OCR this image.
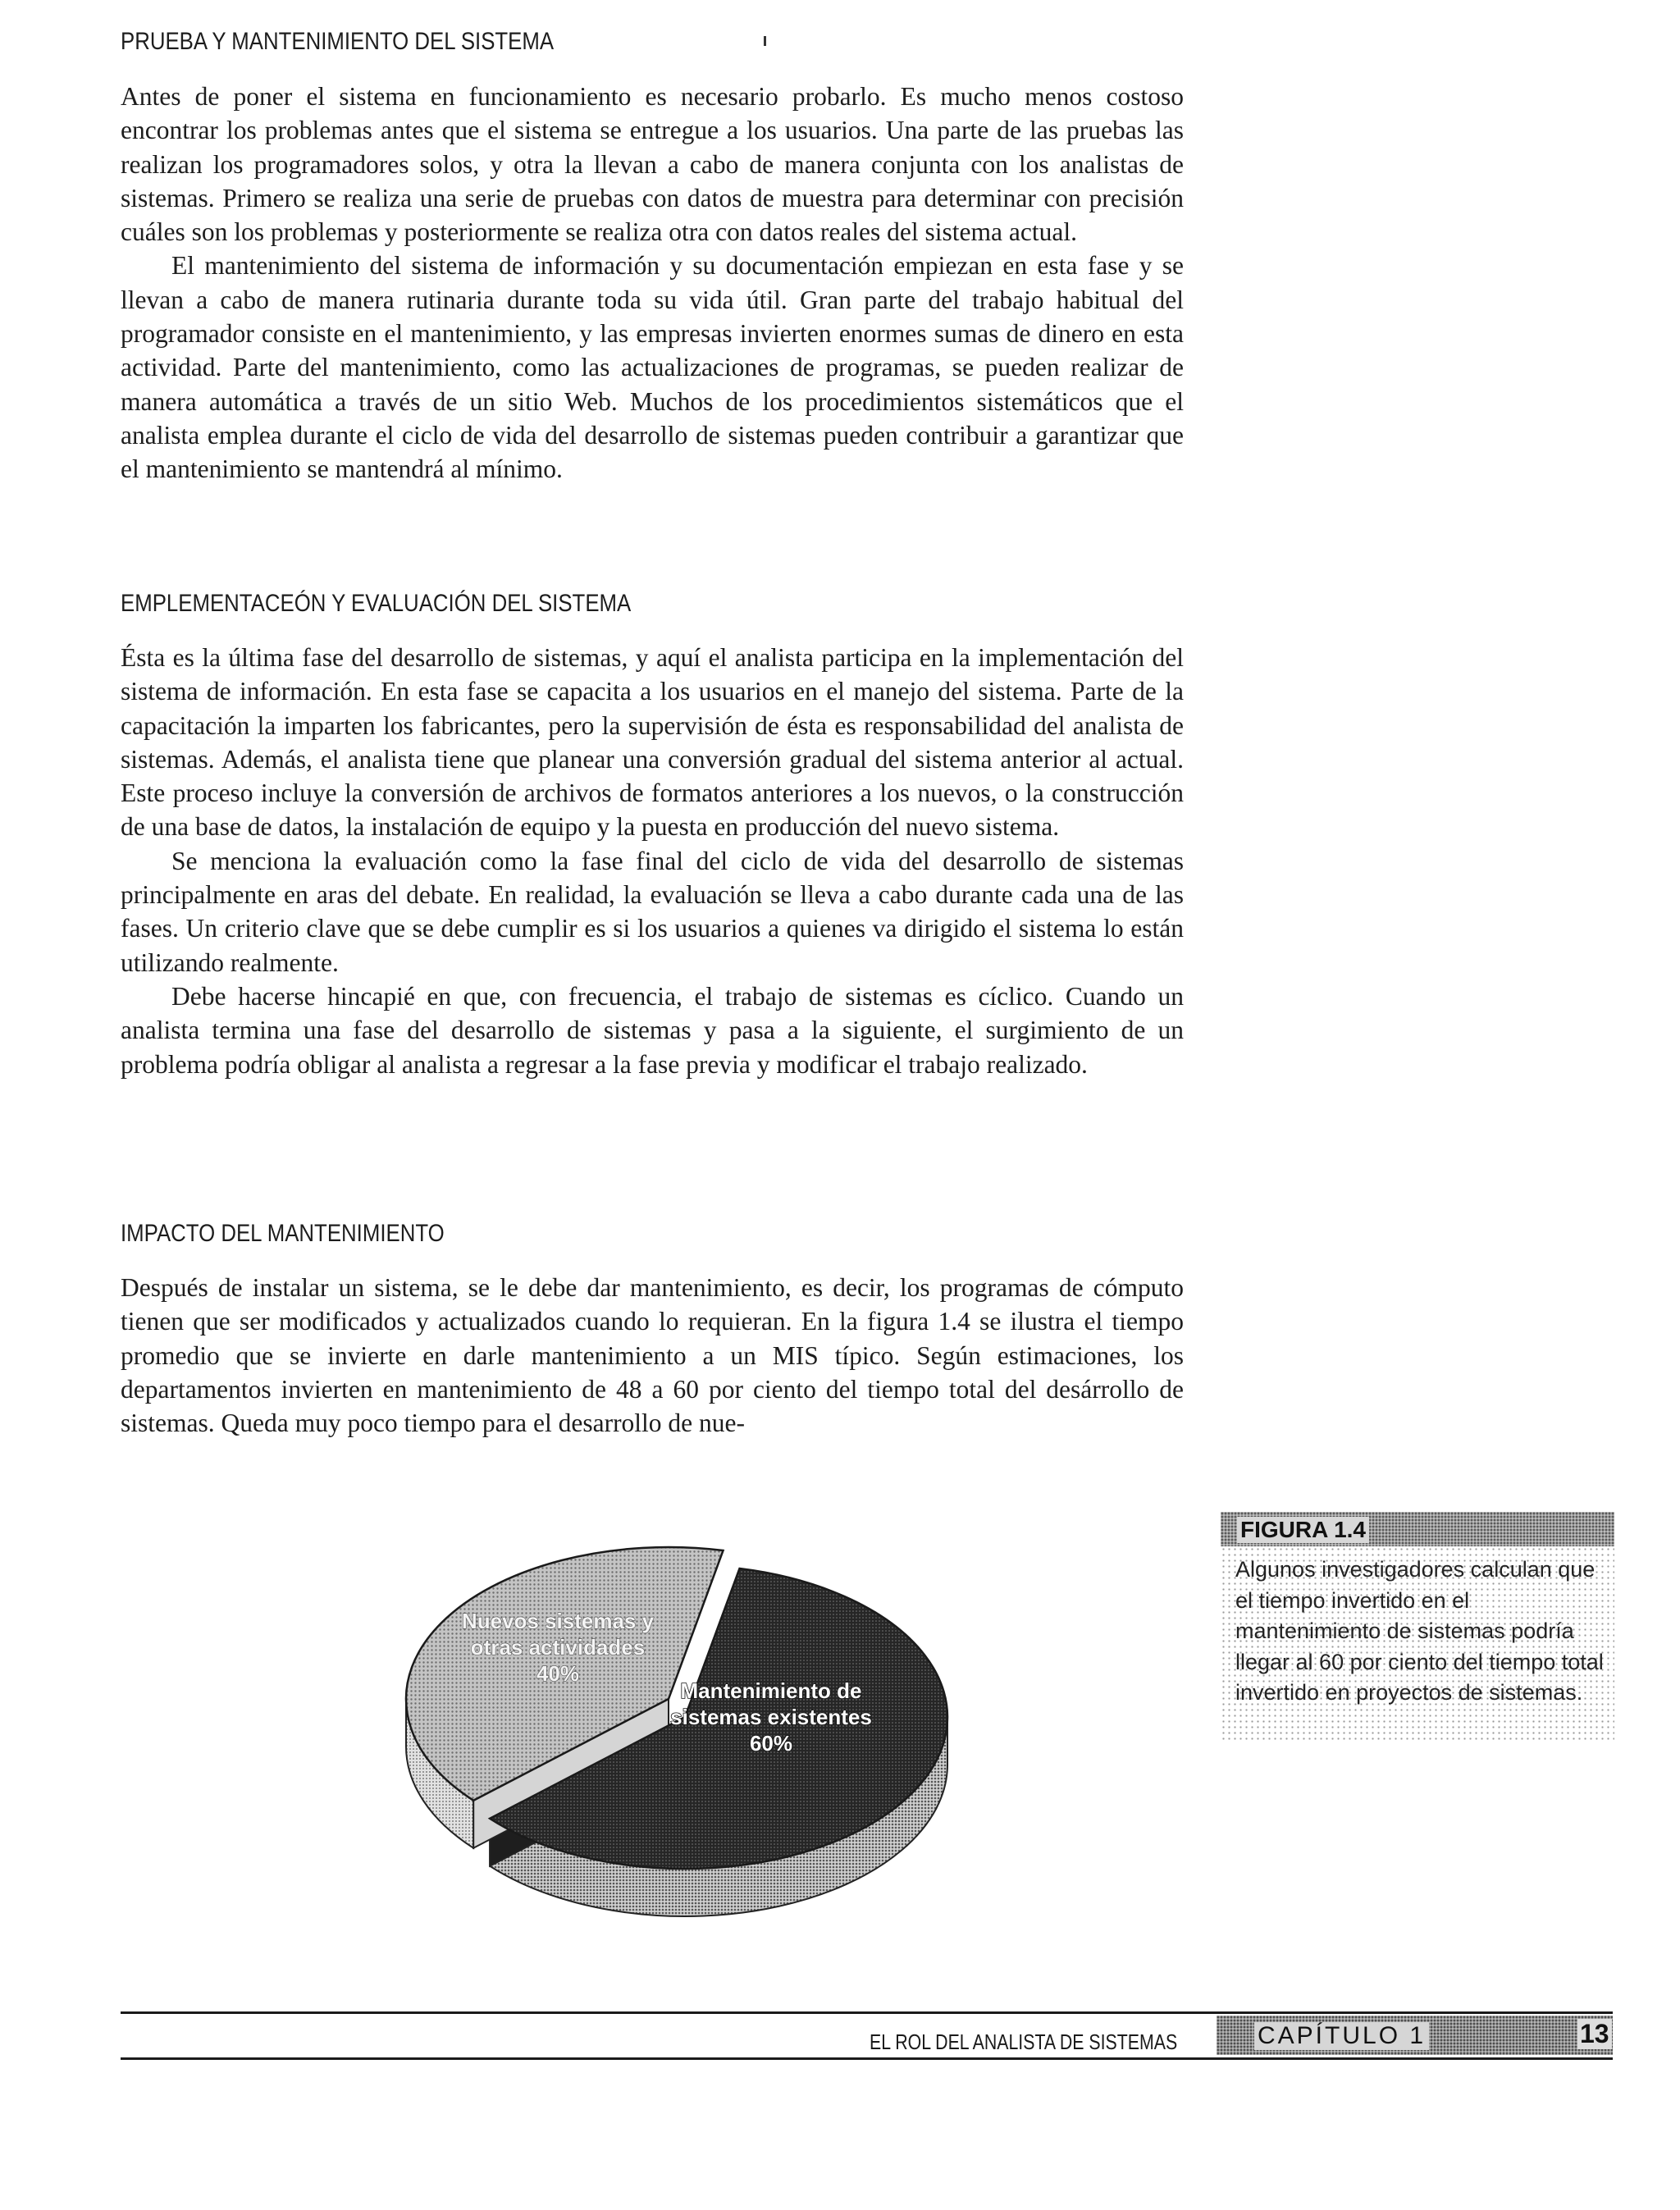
PRUEBA Y MANTENIMIENTO DEL SISTEMA

Antes de poner el sistema en funcionamiento es necesario probarlo. Es mucho menos costoso encontrar los problemas antes que el sistema se entregue a los usuarios. Una parte de las pruebas las realizan los programadores solos, y otra la llevan a cabo de manera conjunta con los analistas de sistemas. Primero se realiza una serie de pruebas con datos de muestra para determinar con precisión cuáles son los problemas y posteriormente se realiza otra con datos reales del sistema actual.

El mantenimiento del sistema de información y su documentación empiezan en esta fase y se llevan a cabo de manera rutinaria durante toda su vida útil. Gran parte del trabajo habitual del programador consiste en el mantenimiento, y las empresas invierten enormes sumas de dinero en esta actividad. Parte del mantenimiento, como las actualizaciones de programas, se pueden realizar de manera automática a través de un sitio Web. Muchos de los procedimientos sistemáticos que el analista emplea durante el ciclo de vida del desarrollo de sistemas pueden contribuir a garantizar que el mantenimiento se mantendrá al mínimo.

EMPLEMENTACEÓN Y EVALUACIÓN DEL SISTEMA

Ésta es la última fase del desarrollo de sistemas, y aquí el analista participa en la implementación del sistema de información. En esta fase se capacita a los usuarios en el manejo del sistema. Parte de la capacitación la imparten los fabricantes, pero la supervisión de ésta es responsabilidad del analista de sistemas. Además, el analista tiene que planear una conversión gradual del sistema anterior al actual. Este proceso incluye la conversión de archivos de formatos anteriores a los nuevos, o la construcción de una base de datos, la instalación de equipo y la puesta en producción del nuevo sistema.

Se menciona la evaluación como la fase final del ciclo de vida del desarrollo de sistemas principalmente en aras del debate. En realidad, la evaluación se lleva a cabo durante cada una de las fases. Un criterio clave que se debe cumplir es si los usuarios a quienes va dirigido el sistema lo están utilizando realmente.

Debe hacerse hincapié en que, con frecuencia, el trabajo de sistemas es cíclico. Cuando un analista termina una fase del desarrollo de sistemas y pasa a la siguiente, el surgimiento de un problema podría obligar al analista a regresar a la fase previa y modificar el trabajo realizado.

IMPACTO DEL MANTENIMIENTO

Después de instalar un sistema, se le debe dar mantenimiento, es decir, los programas de cómputo tienen que ser modificados y actualizados cuando lo requieran. En la figura 1.4 se ilustra el tiempo promedio que se invierte en darle mantenimiento a un MIS típico. Según estimaciones, los departamentos invierten en mantenimiento de 48 a 60 por ciento del tiempo total del desárrollo de sistemas. Queda muy poco tiempo para el desarrollo de nue-

Mantenimiento de
sistemas existentes
60%
Nuevos sistemas y
otras actividades
40%
FIGURA 1.4

Algunos investigadores calculan que el tiempo invertido en el mantenimiento de sistemas podría llegar al 60 por ciento del tiempo total invertido en proyectos de sistemas.

EL ROL DEL ANALISTA DE SISTEMAS	CAPÍTULO 1	13
